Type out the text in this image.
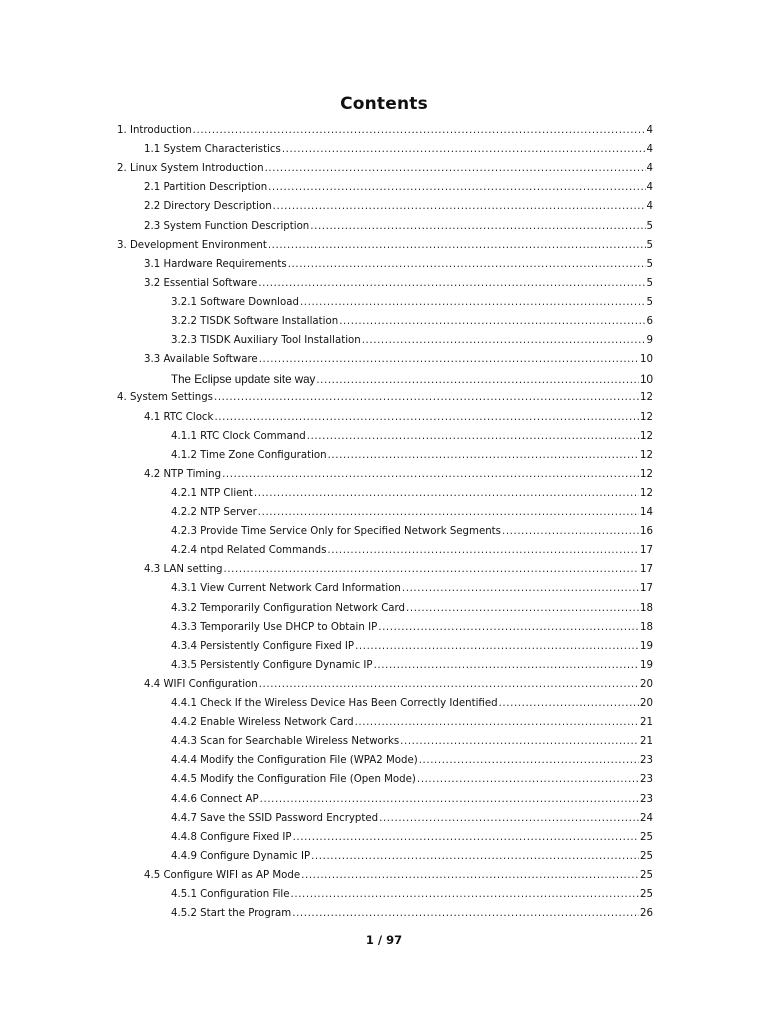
Contents
1. Introduction .....	4
1.1 System Characteristics .....	4
2. Linux System Introduction .....	4
2.1 Partition Description .....	4
2.2 Directory Description .....	4
2.3 System Function Description .....	5
3. Development Environment .....	5
3.1 Hardware Requirements .....	5
3.2 Essential Software .....	5
3.2.1 Software Download .....	5
3.2.2 TISDK Software Installation .....	6
3.2.3 TISDK Auxiliary Tool Installation .....	9
3.3 Available Software .....	10
The Eclipse update site way .....	10
4. System Settings .....	12
4.1 RTC Clock .....	12
4.1.1 RTC Clock Command .....	12
4.1.2 Time Zone Configuration .....	12
4.2 NTP Timing .....	12
4.2.1 NTP Client .....	12
4.2.2 NTP Server .....	14
4.2.3 Provide Time Service Only for Specified Network Segments .....	16
4.2.4 ntpd Related Commands .....	17
4.3 LAN setting .....	17
4.3.1 View Current Network Card Information .....	17
4.3.2 Temporarily Configuration Network Card .....	18
4.3.3 Temporarily Use DHCP to Obtain IP .....	18
4.3.4 Persistently Configure Fixed IP .....	19
4.3.5 Persistently Configure Dynamic IP .....	19
4.4 WIFI Configuration .....	20
4.4.1 Check If the Wireless Device Has Been Correctly Identified .....	20
4.4.2 Enable Wireless Network Card .....	21
4.4.3 Scan for Searchable Wireless Networks .....	21
4.4.4 Modify the Configuration File (WPA2 Mode) .....	23
4.4.5 Modify the Configuration File (Open Mode) .....	23
4.4.6 Connect AP .....	23
4.4.7 Save the SSID Password Encrypted .....	24
4.4.8 Configure Fixed IP .....	25
4.4.9 Configure Dynamic IP .....	25
4.5 Configure WIFI as AP Mode .....	25
4.5.1 Configuration File .....	25
4.5.2 Start the Program .....	26
1 / 97
